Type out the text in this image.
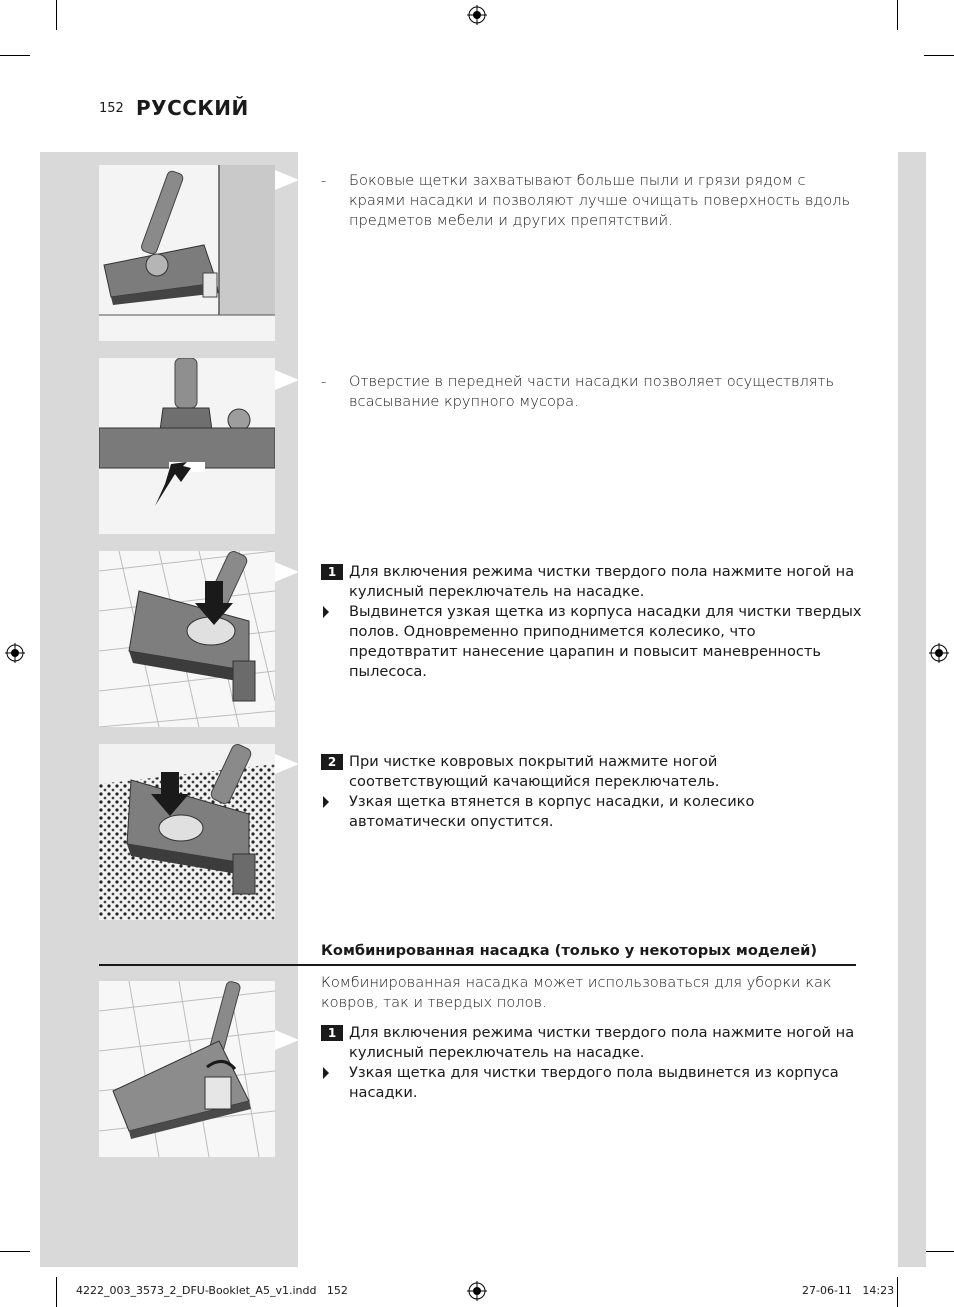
152 РУССКИЙ
- Боковые щетки захватывают больше пыли и грязи рядом с краями насадки и позволяют лучше очищать поверхность вдоль предметов мебели и других препятствий.
- Отверстие в передней части насадки позволяет осуществлять всасывание крупного мусора.
1 Для включения режима чистки твердого пола нажмите ногой на кулисный переключатель на насадке.
Выдвинется узкая щетка из корпуса насадки для чистки твердых полов. Одновременно приподнимется колесико, что предотвратит нанесение царапин и повысит маневренность пылесоса.
2 При чистке ковровых покрытий нажмите ногой соответствующий качающийся переключатель.
Узкая щетка втянется в корпус насадки, и колесико автоматически опустится.
Комбинированная насадка (только у некоторых моделей)
Комбинированная насадка может использоваться для уборки как ковров, так и твердых полов.
1 Для включения режима чистки твердого пола нажмите ногой на кулисный переключатель на насадке.
Узкая щетка для чистки твердого пола выдвинется из корпуса насадки.
4222_003_3573_2_DFU-Booklet_A5_v1.indd   152	27-06-11   14:23
